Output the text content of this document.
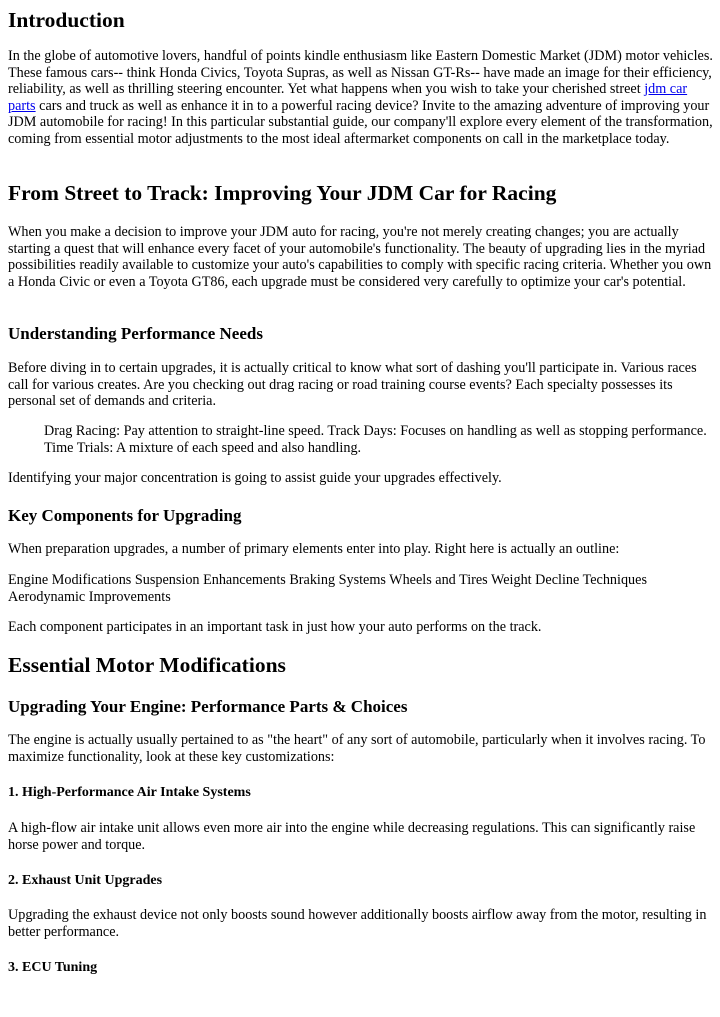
Introduction

In the globe of automotive lovers, handful of points kindle enthusiasm like Eastern Domestic Market (JDM) motor vehicles. These famous cars-- think Honda Civics, Toyota Supras, as well as Nissan GT-Rs-- have made an image for their efficiency, reliability, as well as thrilling steering encounter. Yet what happens when you wish to take your cherished street jdm car parts cars and truck as well as enhance it in to a powerful racing device? Invite to the amazing adventure of improving your JDM automobile for racing! In this particular substantial guide, our company'll explore every element of the transformation, coming from essential motor adjustments to the most ideal aftermarket components on call in the marketplace today.

From Street to Track: Improving Your JDM Car for Racing

When you make a decision to improve your JDM auto for racing, you're not merely creating changes; you are actually starting a quest that will enhance every facet of your automobile's functionality. The beauty of upgrading lies in the myriad possibilities readily available to customize your auto's capabilities to comply with specific racing criteria. Whether you own a Honda Civic or even a Toyota GT86, each upgrade must be considered very carefully to optimize your car's potential.

Understanding Performance Needs

Before diving in to certain upgrades, it is actually critical to know what sort of dashing you'll participate in. Various races call for various creates. Are you checking out drag racing or road training course events? Each specialty possesses its personal set of demands and criteria.

Drag Racing: Pay attention to straight-line speed. Track Days: Focuses on handling as well as stopping performance. Time Trials: A mixture of each speed and also handling.

Identifying your major concentration is going to assist guide your upgrades effectively.

Key Components for Upgrading

When preparation upgrades, a number of primary elements enter into play. Right here is actually an outline:

Engine Modifications Suspension Enhancements Braking Systems Wheels and Tires Weight Decline Techniques Aerodynamic Improvements

Each component participates in an important task in just how your auto performs on the track.

Essential Motor Modifications
Upgrading Your Engine: Performance Parts & Choices

The engine is actually usually pertained to as "the heart" of any sort of automobile, particularly when it involves racing. To maximize functionality, look at these key customizations:

1. High-Performance Air Intake Systems

A high-flow air intake unit allows even more air into the engine while decreasing regulations. This can significantly raise horse power and torque.

2. Exhaust Unit Upgrades

Upgrading the exhaust device not only boosts sound however additionally boosts airflow away from the motor, resulting in better performance.

3. ECU Tuning
